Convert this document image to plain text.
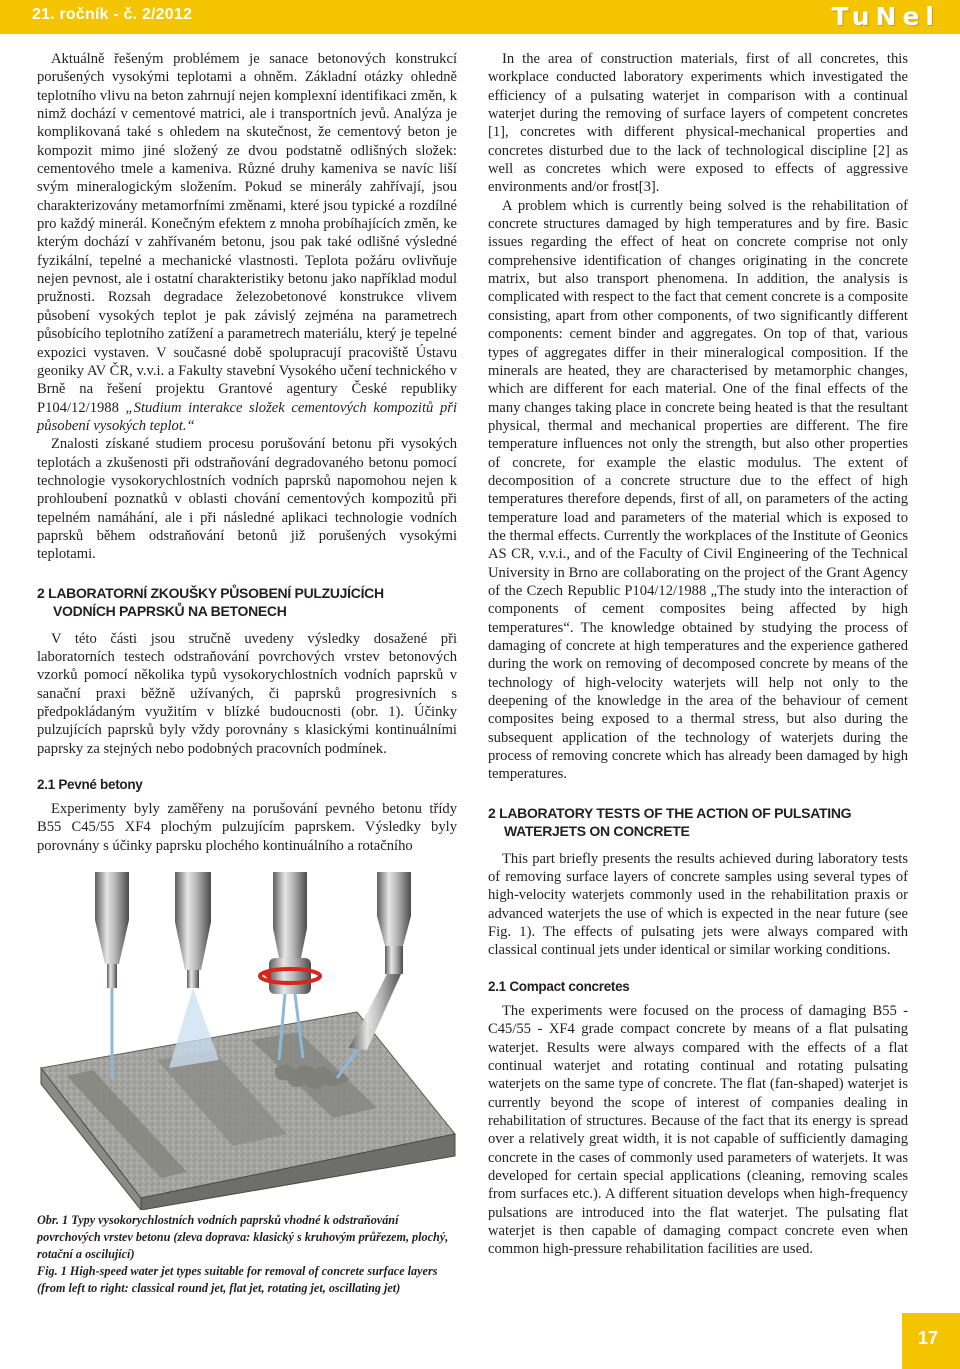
21. ročník - č. 2/2012	TuNel

Aktuálně řešeným problémem je sanace betonových konstrukcí porušených vysokými teplotami a ohněm. Základní otázky ohledně teplotního vlivu na beton zahrnují nejen komplexní identifikaci změn, k nimž dochází v cementové matrici, ale i transportních jevů. Analýza je komplikovaná také s ohledem na skutečnost, že cementový beton je kompozit mimo jiné složený ze dvou podstatně odlišných složek: cementového tmele a kameniva. Různé druhy kameniva se navíc liší svým mineralogickým složením. Pokud se minerály zahřívají, jsou charakterizovány metamorfními změnami, které jsou typické a rozdílné pro každý minerál. Konečným efektem z mnoha probíhajících změn, ke kterým dochází v zahřívaném betonu, jsou pak také odlišné výsledné fyzikální, tepelné a mechanické vlastnosti. Teplota požáru ovlivňuje nejen pevnost, ale i ostatní charakteristiky betonu jako například modul pružnosti. Rozsah degradace železobetonové konstrukce vlivem působení vysokých teplot je pak závislý zejména na parametrech působícího teplotního zatížení a parametrech materiálu, který je tepelné expozici vystaven. V současné době spolupracují pracoviště Ústavu geoniky AV ČR, v.v.i. a Fakulty stavební Vysokého učení technického v Brně na řešení projektu Grantové agentury České republiky P104/12/1988 „Studium interakce složek cementových kompozitů při působení vysokých teplot.“

Znalosti získané studiem procesu porušování betonu při vysokých teplotách a zkušenosti při odstraňování degradovaného betonu pomocí technologie vysokorychlostních vodních paprsků napomohou nejen k prohloubení poznatků v oblasti chování cementových kompozitů při tepelném namáhání, ale i při následné aplikaci technologie vodních paprsků během odstraňování betonů již porušených vysokými teplotami.

2 LABORATORNÍ ZKOUŠKY PŮSOBENÍ PULZUJÍCÍCH
VODNÍCH PAPRSKŮ NA BETONECH

V této části jsou stručně uvedeny výsledky dosažené při laboratorních testech odstraňování povrchových vrstev betonových vzorků pomocí několika typů vysokorychlostních vodních paprsků v sanační praxi běžně užívaných, či paprsků progresivních s předpokládaným využitím v blízké budoucnosti (obr. 1). Účinky pulzujících paprsků byly vždy porovnány s klasickými kontinuálními paprsky za stejných nebo podobných pracovních podmínek.

2.1 Pevné betony

Experimenty byly zaměřeny na porušování pevného betonu třídy B55 C45/55 XF4 plochým pulzujícím paprskem. Výsledky byly porovnány s účinky paprsku plochého kontinuálního a rotačního

Obr. 1 Typy vysokorychlostních vodních paprsků vhodné k odstraňování povrchových vrstev betonu (zleva doprava: klasický s kruhovým průřezem, plochý, rotační a oscilující)

Fig. 1 High-speed water jet types suitable for removal of concrete surface layers (from left to right: classical round jet, flat jet, rotating jet, oscillating jet)

In the area of construction materials, first of all concretes, this workplace conducted laboratory experiments which investigated the efficiency of a pulsating waterjet in comparison with a continual waterjet during the removing of surface layers of competent concretes [1], concretes with different physical-mechanical properties and concretes disturbed due to the lack of technological discipline [2] as well as concretes which were exposed to effects of aggressive environments and/or frost[3].

A problem which is currently being solved is the rehabilitation of concrete structures damaged by high temperatures and by fire. Basic issues regarding the effect of heat on concrete comprise not only comprehensive identification of changes originating in the concrete matrix, but also transport phenomena. In addition, the analysis is complicated with respect to the fact that cement concrete is a composite consisting, apart from other components, of two significantly different components: cement binder and aggregates. On top of that, various types of aggregates differ in their mineralogical composition. If the minerals are heated, they are characterised by metamorphic changes, which are different for each material. One of the final effects of the many changes taking place in concrete being heated is that the resultant physical, thermal and mechanical properties are different. The fire temperature influences not only the strength, but also other properties of concrete, for example the elastic modulus. The extent of decomposition of a concrete structure due to the effect of high temperatures therefore depends, first of all, on parameters of the acting temperature load and parameters of the material which is exposed to the thermal effects. Currently the workplaces of the Institute of Geonics AS CR, v.v.i., and of the Faculty of Civil Engineering of the Technical University in Brno are collaborating on the project of the Grant Agency of the Czech Republic P104/12/1988 „The study into the interaction of components of cement composites being affected by high temperatures“. The knowledge obtained by studying the process of damaging of concrete at high temperatures and the experience gathered during the work on removing of decomposed concrete by means of the technology of high-velocity waterjets will help not only to the deepening of the knowledge in the area of the behaviour of cement composites being exposed to a thermal stress, but also during the subsequent application of the technology of waterjets during the process of removing concrete which has already been damaged by high temperatures.

2 LABORATORY TESTS OF THE ACTION OF PULSATING
WATERJETS ON CONCRETE

This part briefly presents the results achieved during laboratory tests of removing surface layers of concrete samples using several types of high-velocity waterjets commonly used in the rehabilitation praxis or advanced waterjets the use of which is expected in the near future (see Fig. 1). The effects of pulsating jets were always compared with classical continual jets under identical or similar working conditions.

2.1 Compact concretes

The experiments were focused on the process of damaging B55 - C45/55 - XF4 grade compact concrete by means of a flat pulsating waterjet. Results were always compared with the effects of a flat continual waterjet and rotating continual and rotating pulsating waterjets on the same type of concrete. The flat (fan-shaped) waterjet is currently beyond the scope of interest of companies dealing in rehabilitation of structures. Because of the fact that its energy is spread over a relatively great width, it is not capable of sufficiently damaging concrete in the cases of commonly used parameters of waterjets. It was developed for certain special applications (cleaning, removing scales from surfaces etc.). A different situation develops when high-frequency pulsations are introduced into the flat waterjet. The pulsating flat waterjet is then capable of damaging compact concrete even when common high-pressure rehabilitation facilities are used.

17
